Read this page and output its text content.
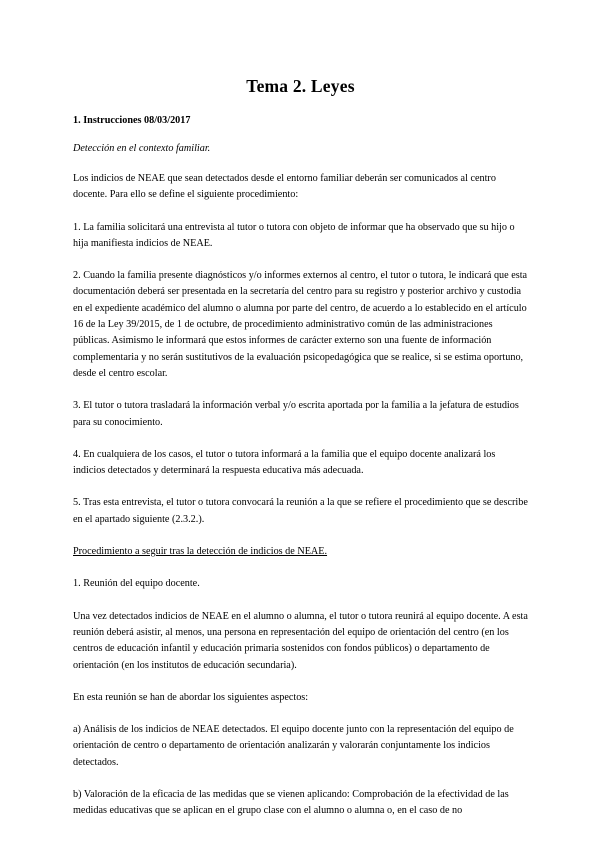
Tema 2. Leyes
1. Instrucciones 08/03/2017
Detección en el contexto familiar.

Los indicios de NEAE que sean detectados desde el entorno familiar deberán ser comunicados al centro docente. Para ello se define el siguiente procedimiento:

1. La familia solicitará una entrevista al tutor o tutora con objeto de informar que ha observado que su hijo o hija manifiesta indicios de NEAE.

2. Cuando la familia presente diagnósticos y/o informes externos al centro, el tutor o tutora, le indicará que esta documentación deberá ser presentada en la secretaría del centro para su registro y posterior archivo y custodia en el expediente académico del alumno o alumna por parte del centro, de acuerdo a lo establecido en el artículo 16 de la Ley 39/2015, de 1 de octubre, de procedimiento administrativo común de las administraciones públicas. Asimismo le informará que estos informes de carácter externo son una fuente de información complementaria y no serán sustitutivos de la evaluación psicopedagógica que se realice, si se estima oportuno, desde el centro escolar.

3. El tutor o tutora trasladará la información verbal y/o escrita aportada por la familia a la jefatura de estudios para su conocimiento.

4. En cualquiera de los casos, el tutor o tutora informará a la familia que el equipo docente analizará los indicios detectados y determinará la respuesta educativa más adecuada.

5. Tras esta entrevista, el tutor o tutora convocará la reunión a la que se refiere el procedimiento que se describe en el apartado siguiente (2.3.2.).

Procedimiento a seguir tras la detección de indicios de NEAE.

1. Reunión del equipo docente.

Una vez detectados indicios de NEAE en el alumno o alumna, el tutor o tutora reunirá al equipo docente. A esta reunión deberá asistir, al menos, una persona en representación del equipo de orientación del centro (en los centros de educación infantil y educación primaria sostenidos con fondos públicos) o departamento de orientación (en los institutos de educación secundaria).

En esta reunión se han de abordar los siguientes aspectos:

a) Análisis de los indicios de NEAE detectados. El equipo docente junto con la representación del equipo de orientación de centro o departamento de orientación analizarán y valorarán conjuntamente los indicios detectados.

b) Valoración de la eficacia de las medidas que se vienen aplicando: Comprobación de la efectividad de las medidas educativas que se aplican en el grupo clase con el alumno o alumna o, en el caso de no
